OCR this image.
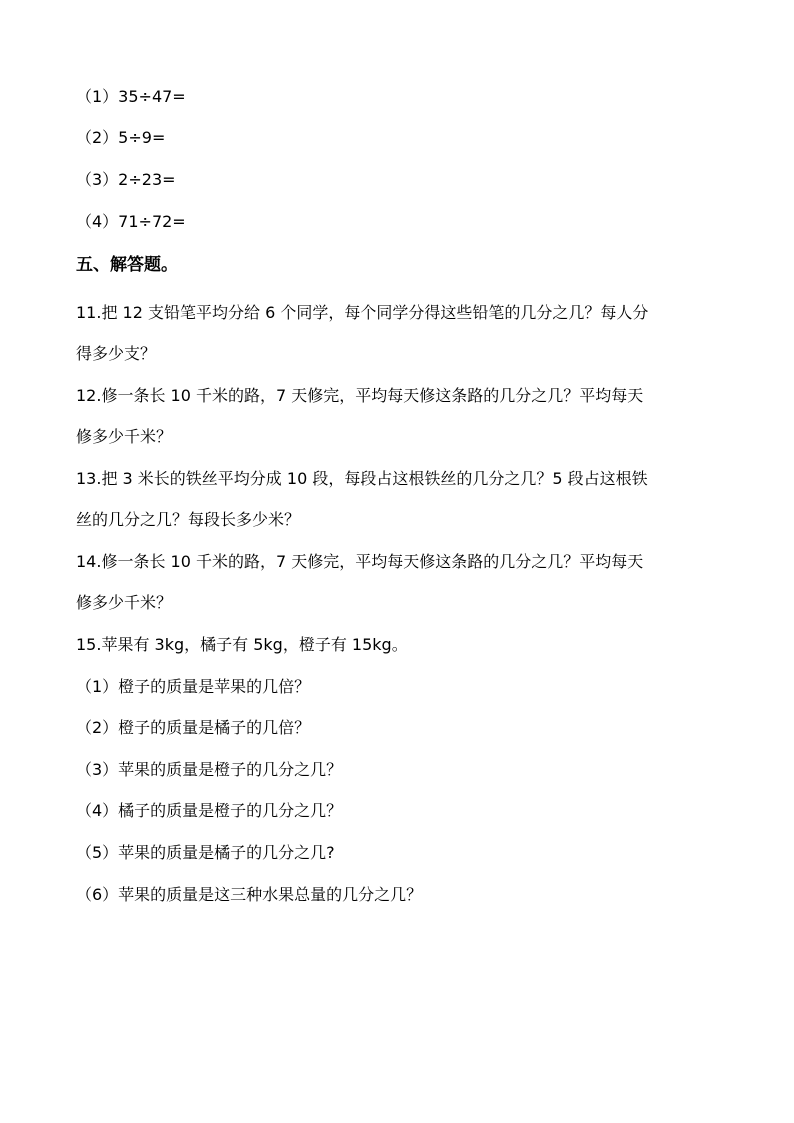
（1）35÷47=
（2）5÷9=
（3）2÷23=
（4）71÷72=
五、解答题。
11.把 12 支铅笔平均分给 6 个同学，每个同学分得这些铅笔的几分之几？每人分
得多少支？
12.修一条长 10 千米的路，7 天修完，平均每天修这条路的几分之几？平均每天
修多少千米？
13.把 3 米长的铁丝平均分成 10 段，每段占这根铁丝的几分之几？5 段占这根铁
丝的几分之几？每段长多少米？
14.修一条长 10 千米的路，7 天修完，平均每天修这条路的几分之几？平均每天
修多少千米？
15.苹果有 3kg，橘子有 5kg，橙子有 15kg。
（1）橙子的质量是苹果的几倍？
（2）橙子的质量是橘子的几倍？
（3）苹果的质量是橙子的几分之几？
（4）橘子的质量是橙子的几分之几？
（5）苹果的质量是橘子的几分之几?
（6）苹果的质量是这三种水果总量的几分之几？
